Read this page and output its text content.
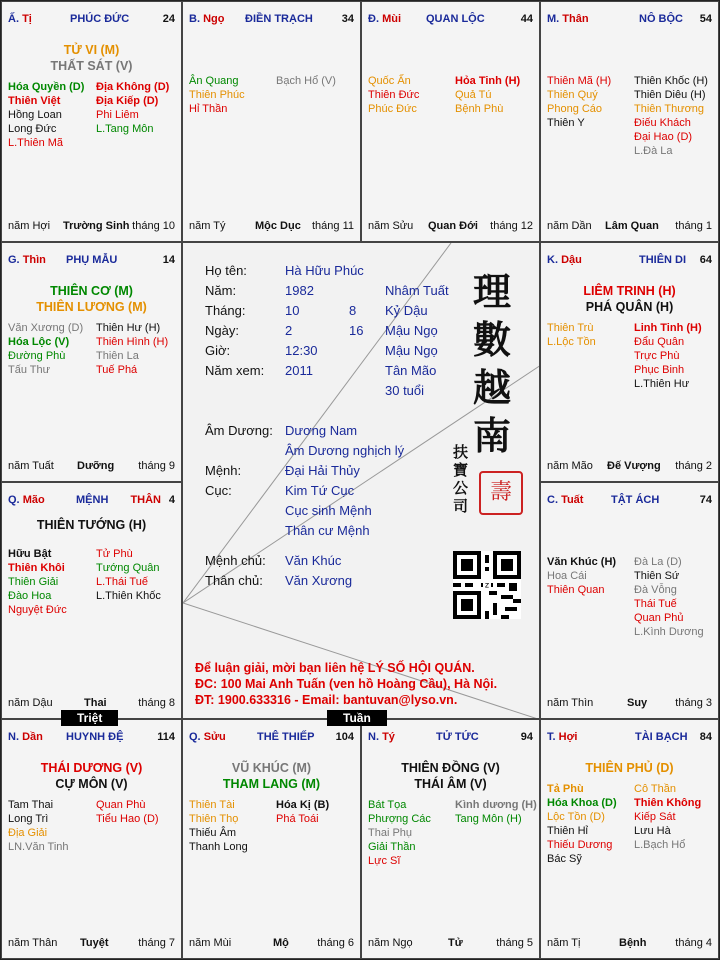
Ấ. Tị	PHÚC ĐỨC	24
TỬ VI (M)
THẤT SÁT (V)
Hóa Quyền (D)
Thiên Việt
Hồng Loan
Long Đức
L.Thiên Mã
Địa Không (D)
Địa Kiếp (D)
Phi Liêm
L.Tang Môn
năm Hợi Trường Sinh tháng 10
B. Ngọ ĐIỀN TRẠCH	34
Ân Quang
Thiên Phúc
Hỉ Thần
Bạch Hổ (V)
năm Tý	Mộc Dục tháng 11
Đ. Mùi QUAN LỘC	44
Quốc Ấn
Thiên Đức
Phúc Đức
Hỏa Tinh (H)
Quả Tú
Bệnh Phù
năm Sửu Quan Đới tháng 12
M. Thân	NÔ BỘC 54
Thiên Mã (H)
Thiên Quý
Phong Cáo
Thiên Y
Thiên Khốc (H)
Thiên Diêu (H)
Thiên Thương
Điếu Khách
Đại Hao (D)
L.Đà La
năm Dần Lâm Quan tháng 1
G. Thìn PHỤ MẪU	14
THIÊN CƠ (M)
THIÊN LƯƠNG (M)
Văn Xương (D)
Hóa Lộc (V)
Đường Phù
Tấu Thư
Thiên Hư (H)
Thiên Hình (H)
Thiên La
Tuế Phá
năm Tuất Dưỡng tháng 9
K. Dậu	THIÊN DI 64
LIÊM TRINH (H)
PHÁ QUÂN (H)
Thiên Trù
L.Lộc Tồn
Linh Tinh (H)
Đẩu Quân
Trực Phù
Phục Binh
L.Thiên Hư
năm Mão Đế Vượng tháng 2
Q. Mão	MỆNH THÂN 4
THIÊN TƯỚNG (H)
Hữu Bật
Thiên Khôi
Thiên Giải
Đào Hoa
Nguyệt Đức
Tử Phù
Tướng Quân
L.Thái Tuế
L.Thiên Khốc
năm Dậu	Thai	tháng 8
C. Tuất	TẬT ÁCH	74
Văn Khúc (H)
Hoa Cái
Thiên Quan
Đà La (D)
Thiên Sứ
Đà Vỗng
Thái Tuế
Quan Phủ
L.Kình Dương
năm Thìn	Suy	tháng 3
N. Dần HUYNH ĐỆ	114
THÁI DƯƠNG (V)
CỰ MÔN (V)
Tam Thai
Long Trì
Địa Giải
LN.Văn Tinh
Quan Phù
Tiểu Hao (D)
năm Thân Tuyệt	tháng 7
Q. Sửu	THÊ THIẾP 104
VŨ KHÚC (M)
THAM LANG (M)
Thiên Tài
Thiên Thọ
Thiếu Âm
Thanh Long
Hóa Kị (B)
Phá Toái
năm Mùi	Mộ	tháng 6
N. Tý	TỬ TỨC	94
THIÊN ĐỒNG (V)
THÁI ÂM (V)
Bát Tọa
Phượng Các
Thai Phụ
Giải Thần
Lực Sĩ
Kình dương (H)
Tang Môn (H)
năm Ngọ	Tử	tháng 5
T. Hợi	TÀI BẠCH 84
THIÊN PHỦ (D)
Tả Phù
Hóa Khoa (D)
Lộc Tồn (D)
Thiên Hỉ
Thiếu Dương
Bác Sỹ
Cô Thần
Thiên Không
Kiếp Sát
Lưu Hà
L.Bạch Hổ
năm Tị	Bệnh	tháng 4
Triệt	Tuần
Họ tên:	Hà Hữu Phúc
Năm:	1982	Nhâm Tuất
Tháng:	10	8 Kỷ Dậu
Ngày:	2	16 Mậu Ngọ
Giờ:	12:30	Mậu Ngọ
Năm xem: 2011	Tân Mão
30 tuổi
Âm Dương: Dương Nam
Âm Dương nghịch lý
Mệnh:	Đại Hải Thủy
Cục:	Kim Tứ Cục
Cục sinh Mệnh
Thân cư Mệnh
Mệnh chủ: Văn Khúc
Thân chủ: Văn Xương
理
數
越
南
扶
寶
公
司
壽
z
Để luận giải, mời bạn liên hệ LÝ SỐ HỘI QUÁN.
ĐC: 100 Mai Anh Tuấn (ven hồ Hoàng Cầu), Hà Nội.
ĐT: 1900.633316 - Email: bantuvan@lyso.vn.
